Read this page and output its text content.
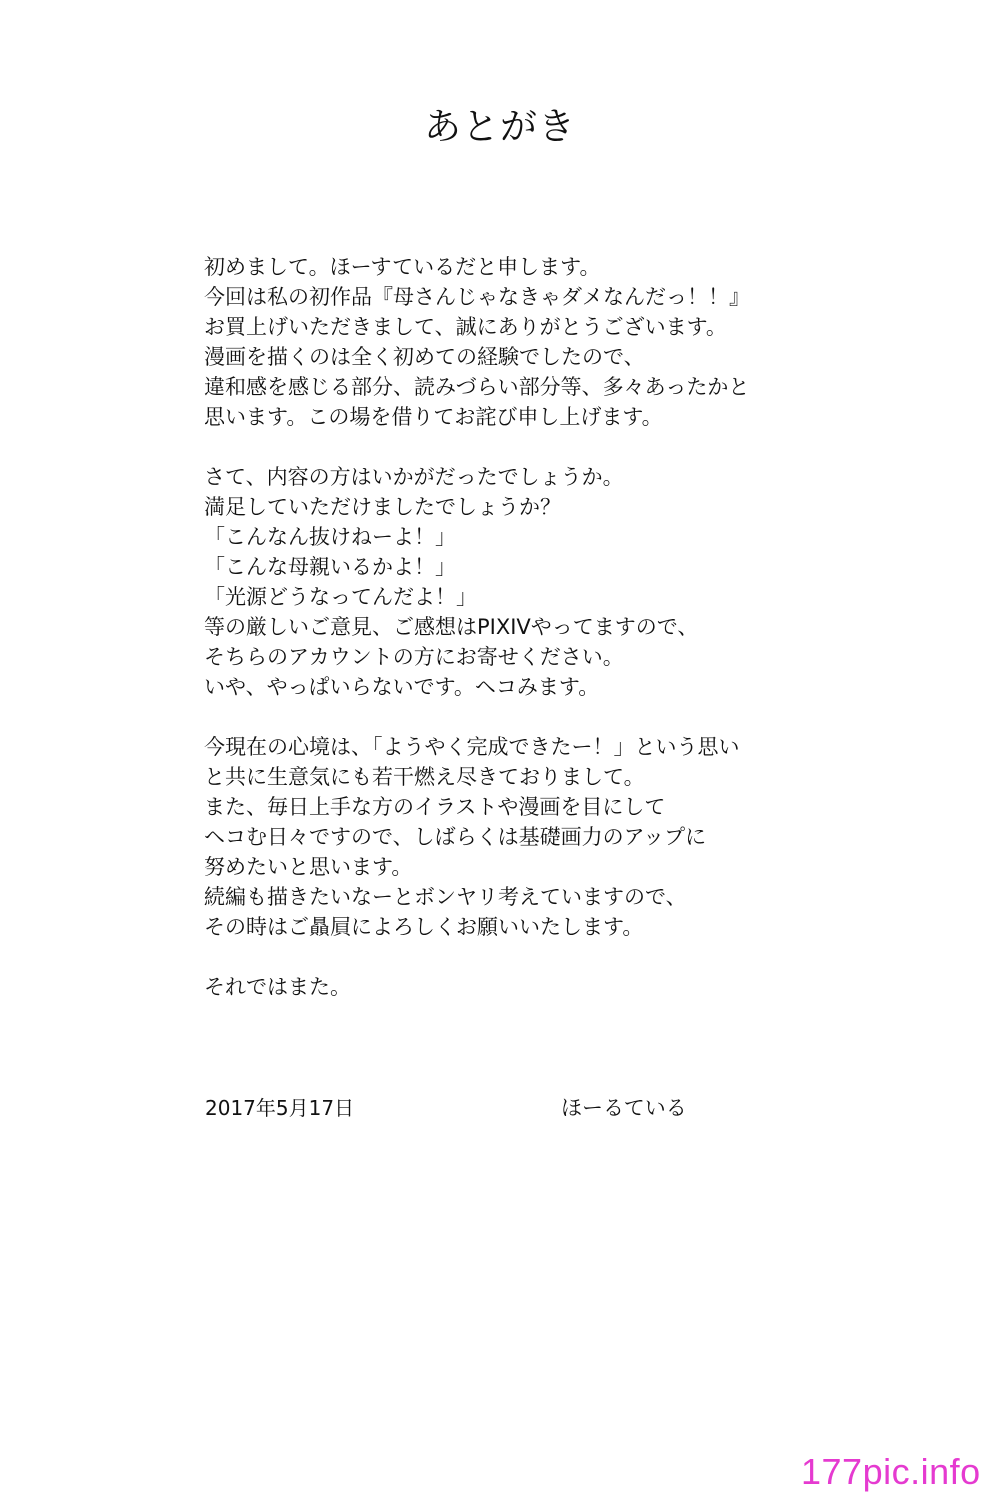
あとがき

初めまして。ほーすているだと申します。
今回は私の初作品『母さんじゃなきゃダメなんだっ！！』
お買上げいただきまして、誠にありがとうございます。
漫画を描くのは全く初めての経験でしたので、
違和感を感じる部分、読みづらい部分等、多々あったかと
思います。この場を借りてお詫び申し上げます。

さて、内容の方はいかがだったでしょうか。
満足していただけましたでしょうか？
「こんなん抜けねーよ！」
「こんな母親いるかよ！」
「光源どうなってんだよ！」
等の厳しいご意見、ご感想はPIXIVやってますので、
そちらのアカウントの方にお寄せください。
いや、やっぱいらないです。ヘコみます。

今現在の心境は、「ようやく完成できたー！」という思い
と共に生意気にも若干燃え尽きておりまして。
また、毎日上手な方のイラストや漫画を目にして
ヘコむ日々ですので、しばらくは基礎画力のアップに
努めたいと思います。
続編も描きたいなーとボンヤリ考えていますので、
その時はご贔屓によろしくお願いいたします。

それではまた。

2017年5月17日	ほーるている
177pic.info
